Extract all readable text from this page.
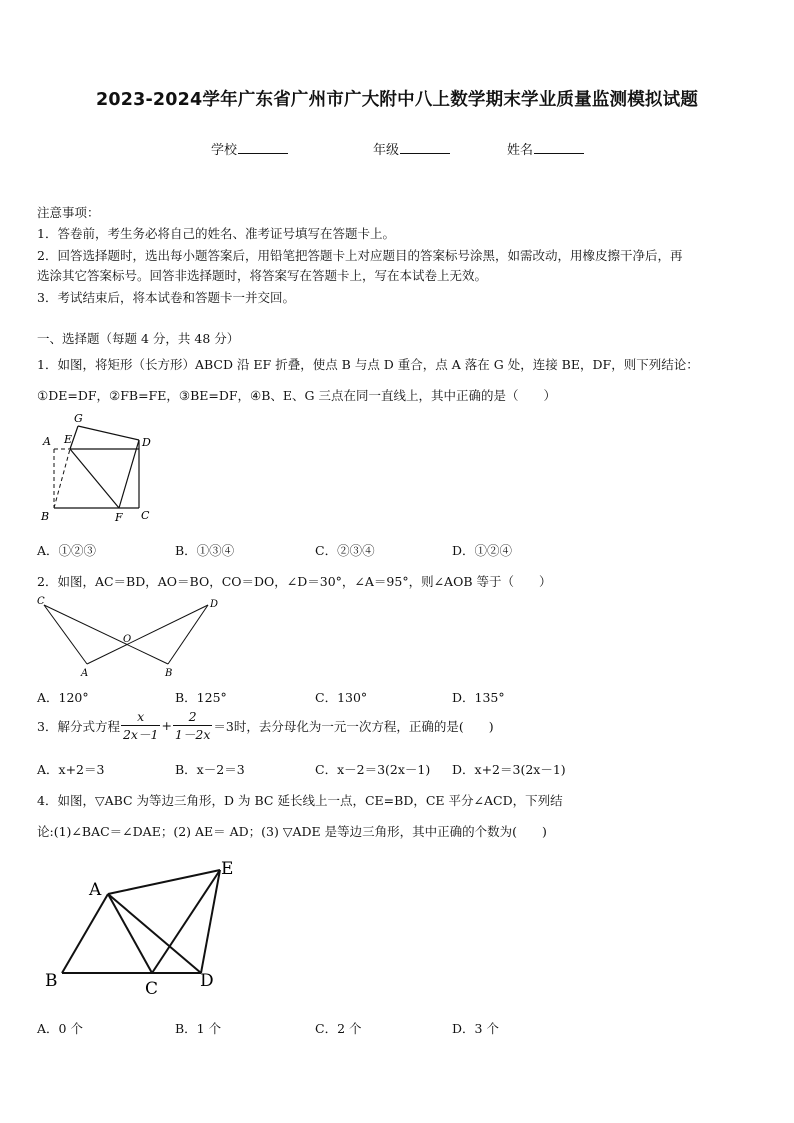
2023-2024学年广东省广州市广大附中八上数学期末学业质量监测模拟试题
学校	年级	姓名
注意事项：
1．答卷前，考生务必将自己的姓名、准考证号填写在答题卡上。
2．回答选择题时，选出每小题答案后，用铅笔把答题卡上对应题目的答案标号涂黑，如需改动，用橡皮擦干净后，再
选涂其它答案标号。回答非选择题时，将答案写在答题卡上，写在本试卷上无效。
3．考试结束后，将本试卷和答题卡一并交回。
一、选择题（每题 4 分，共 48 分）
1．如图，将矩形（长方形）ABCD 沿 EF 折叠，使点 B 与点 D 重合，点 A 落在 G 处，连接 BE，DF，则下列结论：
①DE=DF，②FB=FE，③BE=DF，④B、E、G 三点在同一直线上，其中正确的是（　　）
G
A E	D
B	F C
A．①②③	B．①③④	C．②③④	D．①②④
2．如图，AC＝BD，AO＝BO，CO＝DO，∠D＝30°，∠A＝95°，则∠AOB 等于（　　）
C	D
O
A	B
A．120°	B．125°	C．130°	D．135°
3．解分式方程 $\frac{x}{2x-1} + \frac{2}{1-2x} =3$时，去分母化为一元一次方程，正确的是(　　)
A．x+2＝3	B．x－2＝3	C．x－2＝3(2x－1) D．x+2＝3(2x－1)
4．如图，▽ABC 为等边三角形，D 为 BC 延长线上一点，CE=BD，CE 平分∠ACD，下列结
论:(1)∠BAC＝∠DAE；(2) AE＝ AD；(3) ▽ADE 是等边三角形，其中正确的个数为(　　)
A
E
B	C D
A．0 个	B．1 个	C．2 个	D．3 个
